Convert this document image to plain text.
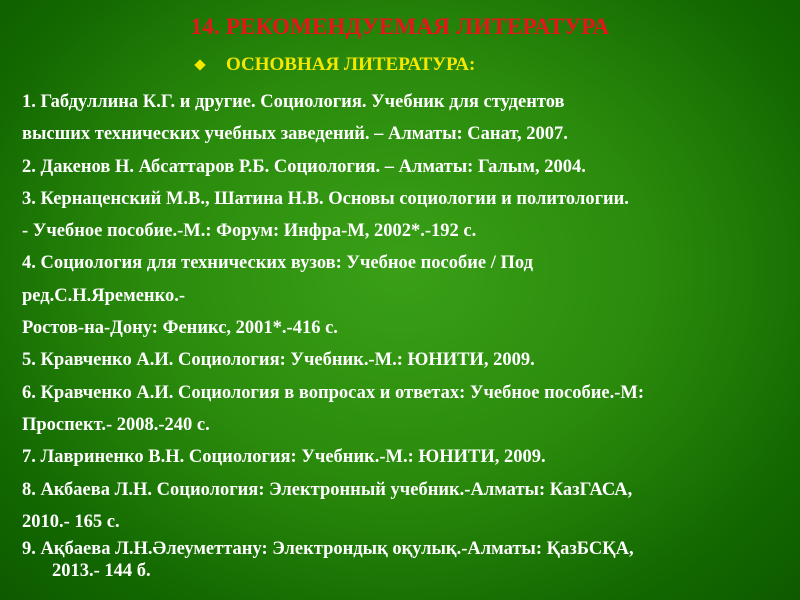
14. РЕКОМЕНДУЕМАЯ ЛИТЕРАТУРА
ОСНОВНАЯ ЛИТЕРАТУРА:
1. Габдуллина К.Г. и другие. Социология. Учебник для студентов
высших технических учебных заведений. – Алматы: Санат, 2007.
2. Дакенов Н. Абсаттаров Р.Б. Социология. – Алматы: Галым, 2004.
3. Кернаценский М.В., Шатина Н.В. Основы социологии и политологии.
- Учебное пособие.-М.: Форум: Инфра-М, 2002*.-192 с.
4. Социология для технических вузов: Учебное пособие / Под
ред.С.Н.Яременко.-
Ростов-на-Дону: Феникс, 2001*.-416 с.
5. Кравченко А.И. Социология: Учебник.-М.: ЮНИТИ, 2009.
6. Кравченко А.И. Социология в вопросах и ответах: Учебное пособие.-М:
Проспект.- 2008.-240 с.
7. Лавриненко В.Н. Социология: Учебник.-М.: ЮНИТИ, 2009.
8. Акбаева Л.Н. Социология: Электронный учебник.-Алматы: КазГАСА,
2010.- 165 с.
9. Ақбаева Л.Н.Әлеуметтану: Электрондық оқулық.-Алматы: ҚазБСҚА,
2013.- 144 б.
